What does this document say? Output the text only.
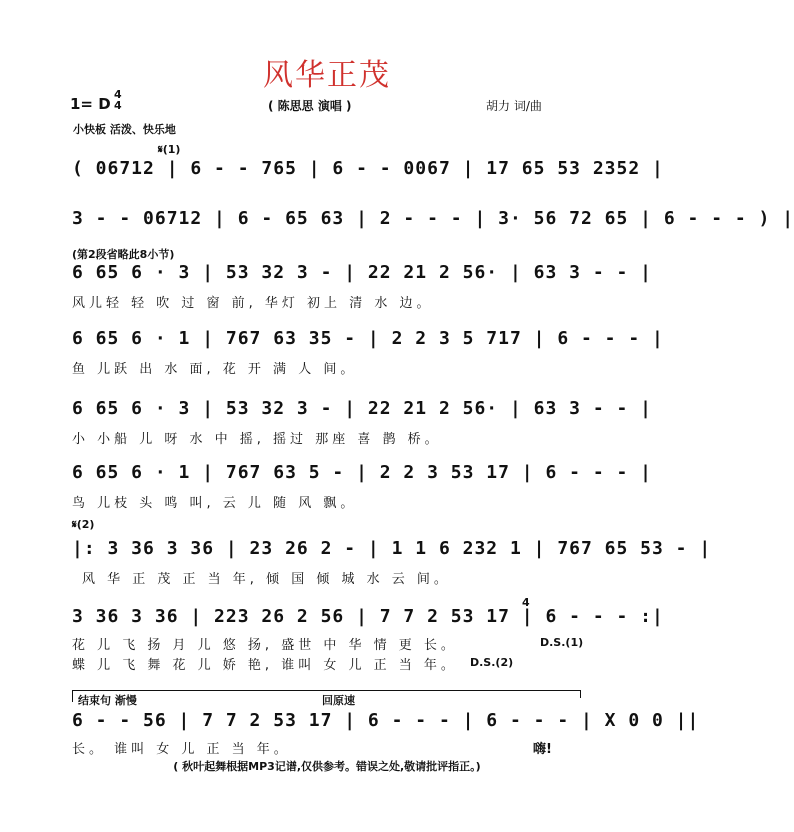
风华正茂
1= D
4
4	( 陈思思 演唱 )	胡力 词/曲
小快板 活泼、快乐地
𝄋(1)
( 06712 | 6 - - 765 | 6 - - 0067 | 17 65 53 2352 |
3 - - 06712 | 6 - 65 63 | 2 - - - | 3· 56 72 65 | 6 - - - ) |
(第2段省略此8小节)
6 65 6 · 3 | 53 32 3 - | 22 21 2 56· | 63 3 - - |
风儿轻 轻 吹 过 窗 前, 华灯 初上 清 水 边。
6 65 6 · 1 | 767 63 35 - | 2 2 3 5 717 | 6 - - - |
鱼 儿跃 出 水 面, 花 开 满 人 间。
6 65 6 · 3 | 53 32 3 - | 22 21 2 56· | 63 3 - - |
小 小船 儿 呀 水 中 摇, 摇过 那座 喜 鹊 桥。
6 65 6 · 1 | 767 63 5 - | 2 2 3 53 17 | 6 - - - |
鸟 儿枝 头 鸣 叫, 云 儿 随 风 飘。
𝄋(2)
|: 3 36 3 36 | 23 26 2 - | 1 1 6 232 1 | 767 65 53 - |
风 华 正 茂 正 当 年, 倾 国 倾 城 水 云 间。
3 36 3 36 | 223 26 2 56 | 7 7 2 53 17 | 6 - - - :|
4
花 儿 飞 扬 月 儿 悠 扬, 盛世 中 华 情 更 长。	D.S.(1)
蝶 儿 飞 舞 花 儿 娇 艳, 谁叫 女 儿 正 当 年。 D.S.(2)
结束句 渐慢	回原速
6 - - 56 | 7 7 2 53 17 | 6 - - - | 6 - - - | X 0 0 ||
长。 谁叫 女 儿 正 当 年。	嗨!
( 秋叶起舞根据MP3记谱,仅供参考。错误之处,敬请批评指正。)
